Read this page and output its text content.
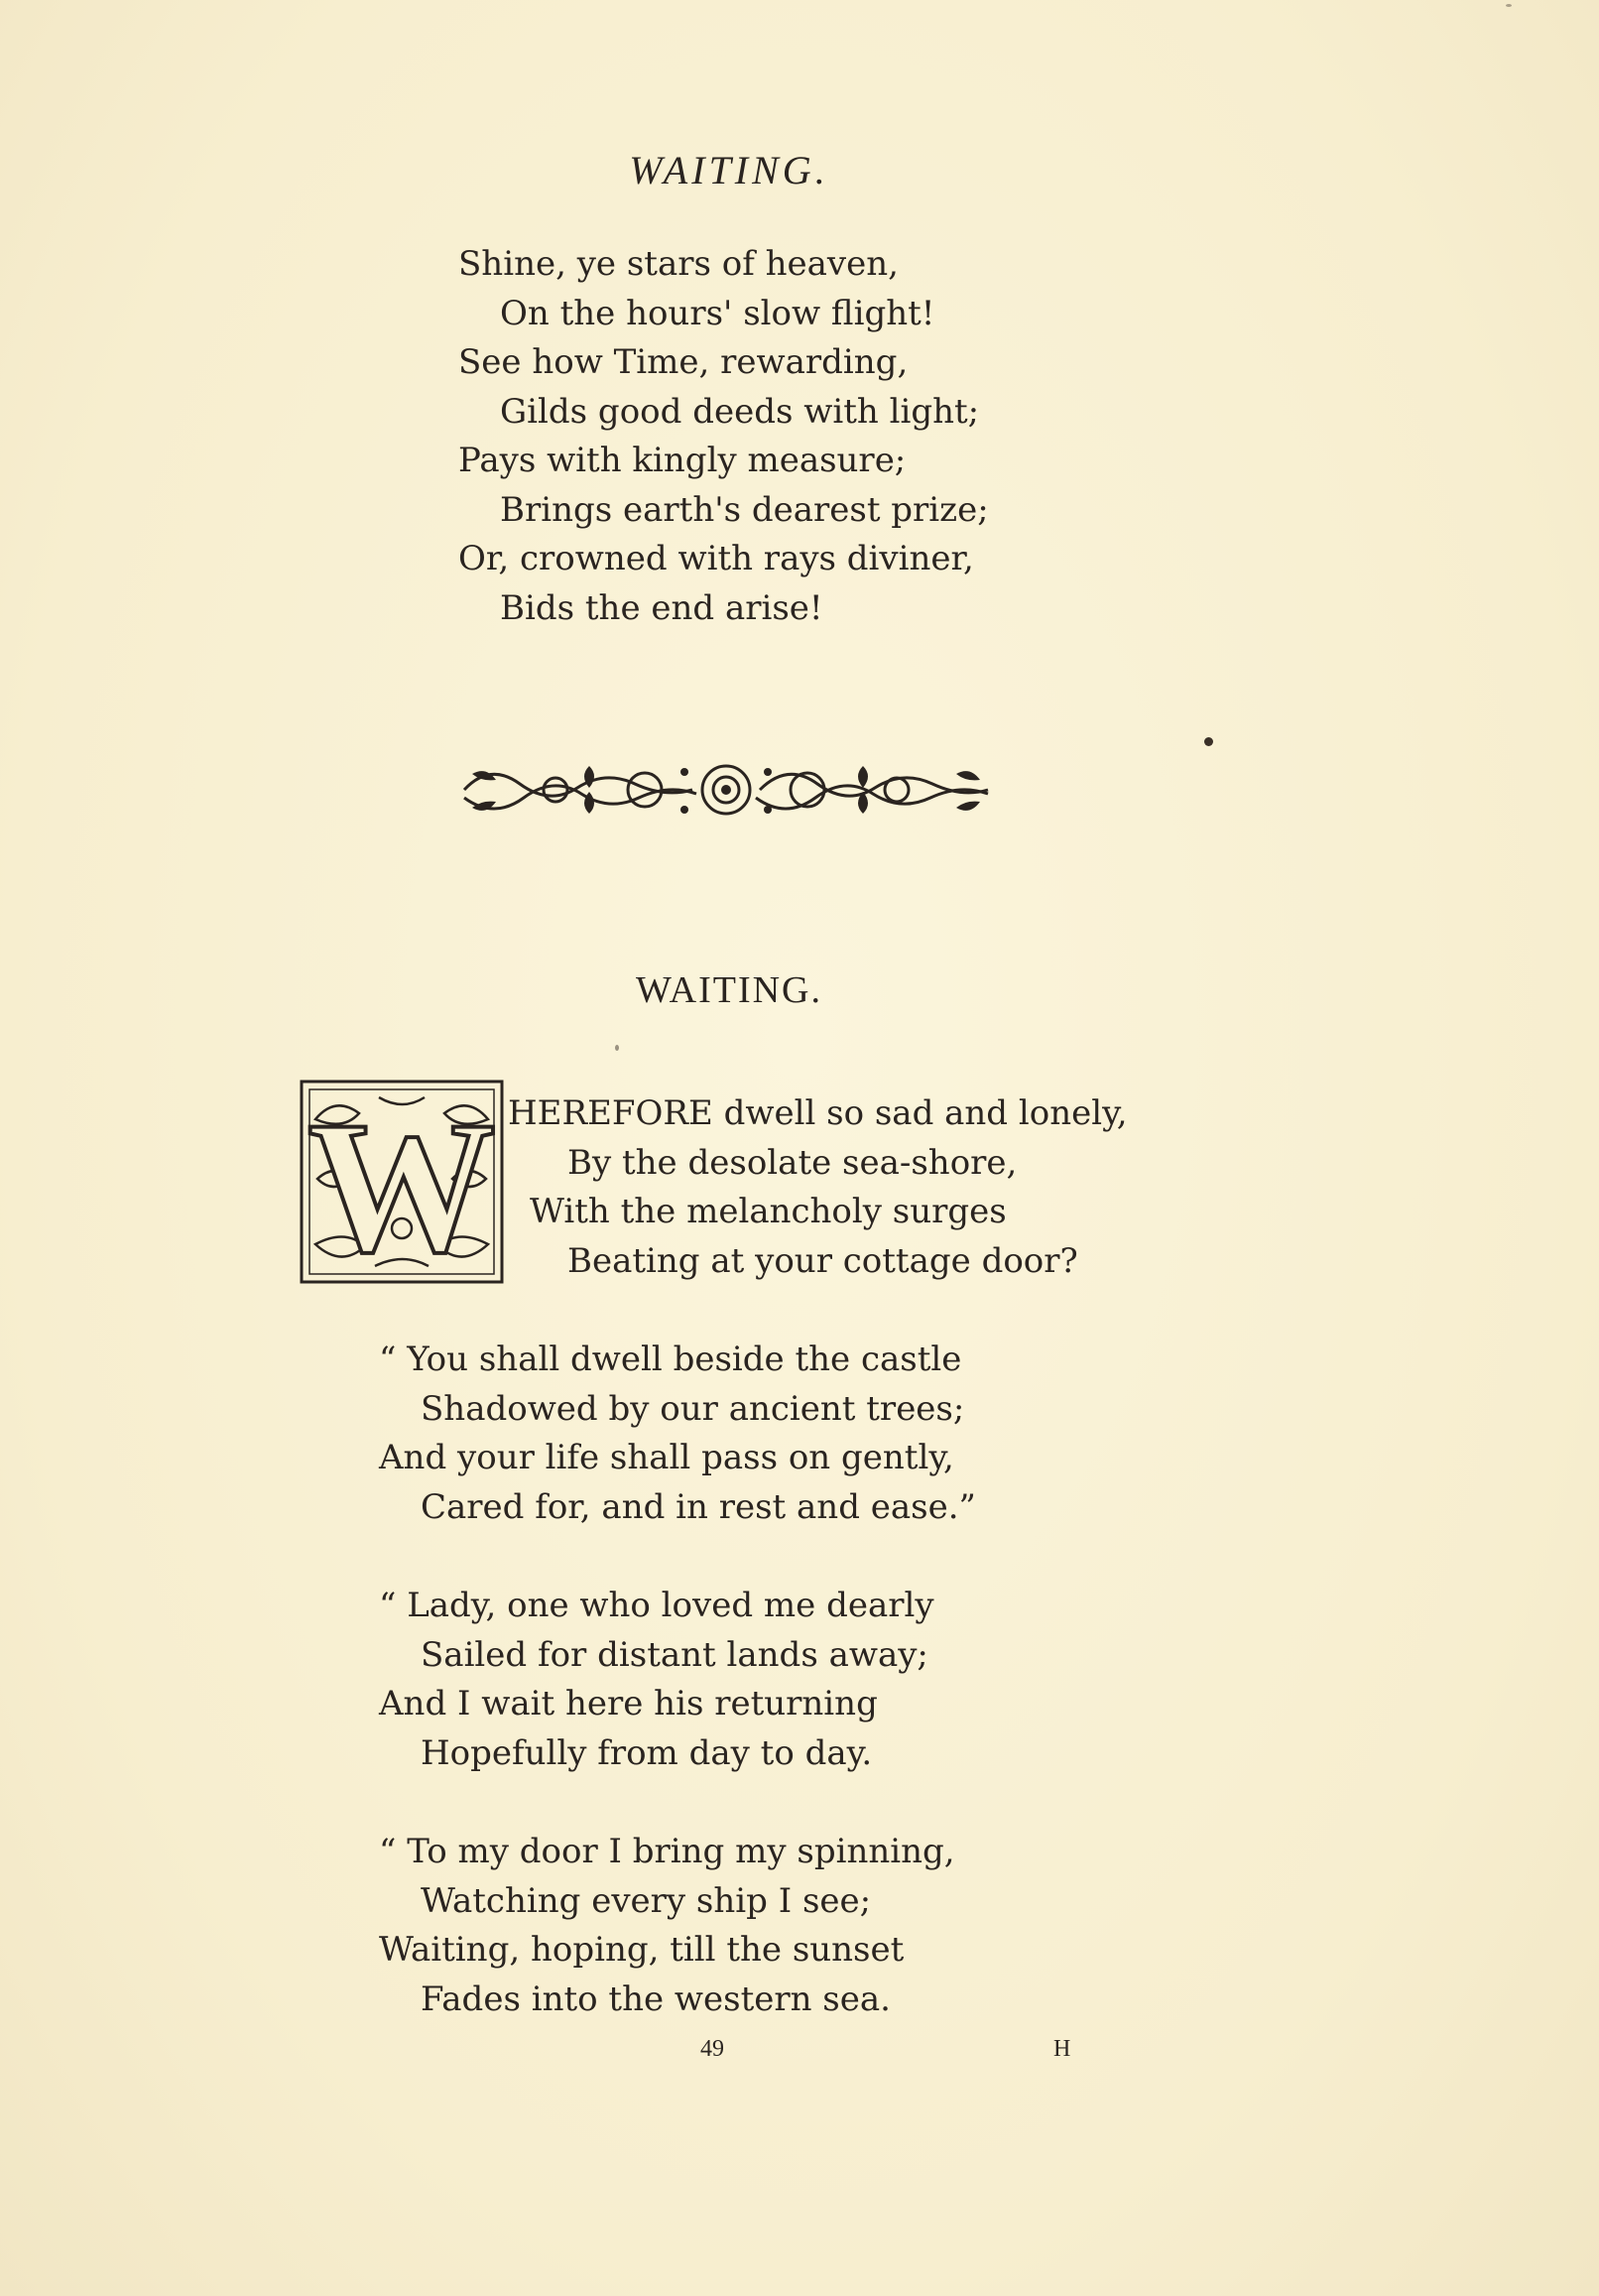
WAITING.
Shine, ye stars of heaven,
On the hours' slow flight!
See how Time, rewarding,
Gilds good deeds with light;
Pays with kingly measure;
Brings earth's dearest prize;
Or, crowned with rays diviner,
Bids the end arise!
WAITING.
W HEREFORE dwell so sad and lonely,
By the desolate sea-shore,
With the melancholy surges
Beating at your cottage door?
“ You shall dwell beside the castle
Shadowed by our ancient trees;
And your life shall pass on gently,
Cared for, and in rest and ease.”
“ Lady, one who loved me dearly
Sailed for distant lands away;
And I wait here his returning
Hopefully from day to day.
“ To my door I bring my spinning,
Watching every ship I see;
Waiting, hoping, till the sunset
Fades into the western sea.
49	H
